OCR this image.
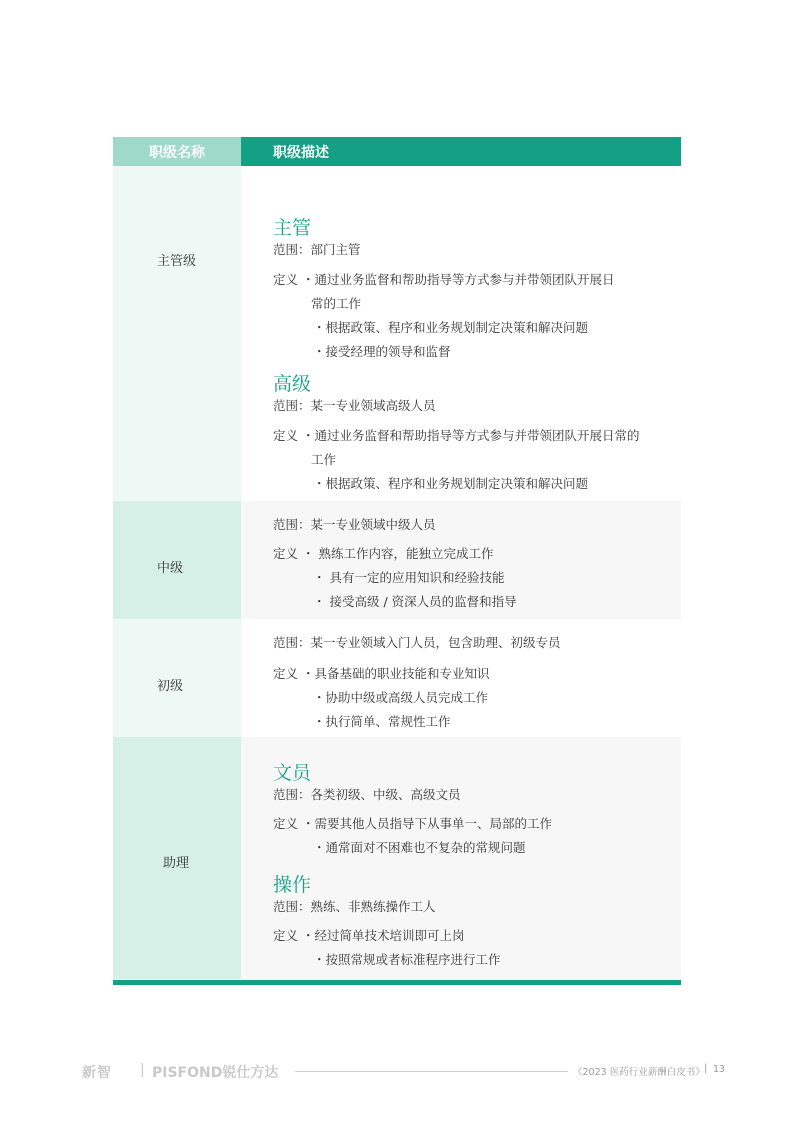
职级名称	职级描述
主管级
主管
范围：部门主管
定义 ・通过业务监督和帮助指导等方式参与并带领团队开展日
常的工作
・根据政策、程序和业务规划制定决策和解决问题
・接受经理的领导和监督
高级
范围：某一专业领域高级人员
定义 ・通过业务监督和帮助指导等方式参与并带领团队开展日常的
工作
・根据政策、程序和业务规划制定决策和解决问题
中级
范围：某一专业领域中级人员
定义 ・ 熟练工作内容，能独立完成工作
・ 具有一定的应用知识和经验技能
・ 接受高级 / 资深人员的监督和指导
初级
范围：某一专业领域入门人员，包含助理、初级专员
定义 ・具备基础的职业技能和专业知识
・协助中级或高级人员完成工作
・执行简单、常规性工作
助理
文员
范围：各类初级、中级、高级文员
定义 ・需要其他人员指导下从事单一、局部的工作
・通常面对不困难也不复杂的常规问题
操作
范围：熟练、非熟练操作工人
定义 ・经过简单技术培训即可上岗
・按照常规或者标准程序进行工作
新智 | PISFOND锐仕方达	《2023 医药行业薪酬白皮书》 | 13
